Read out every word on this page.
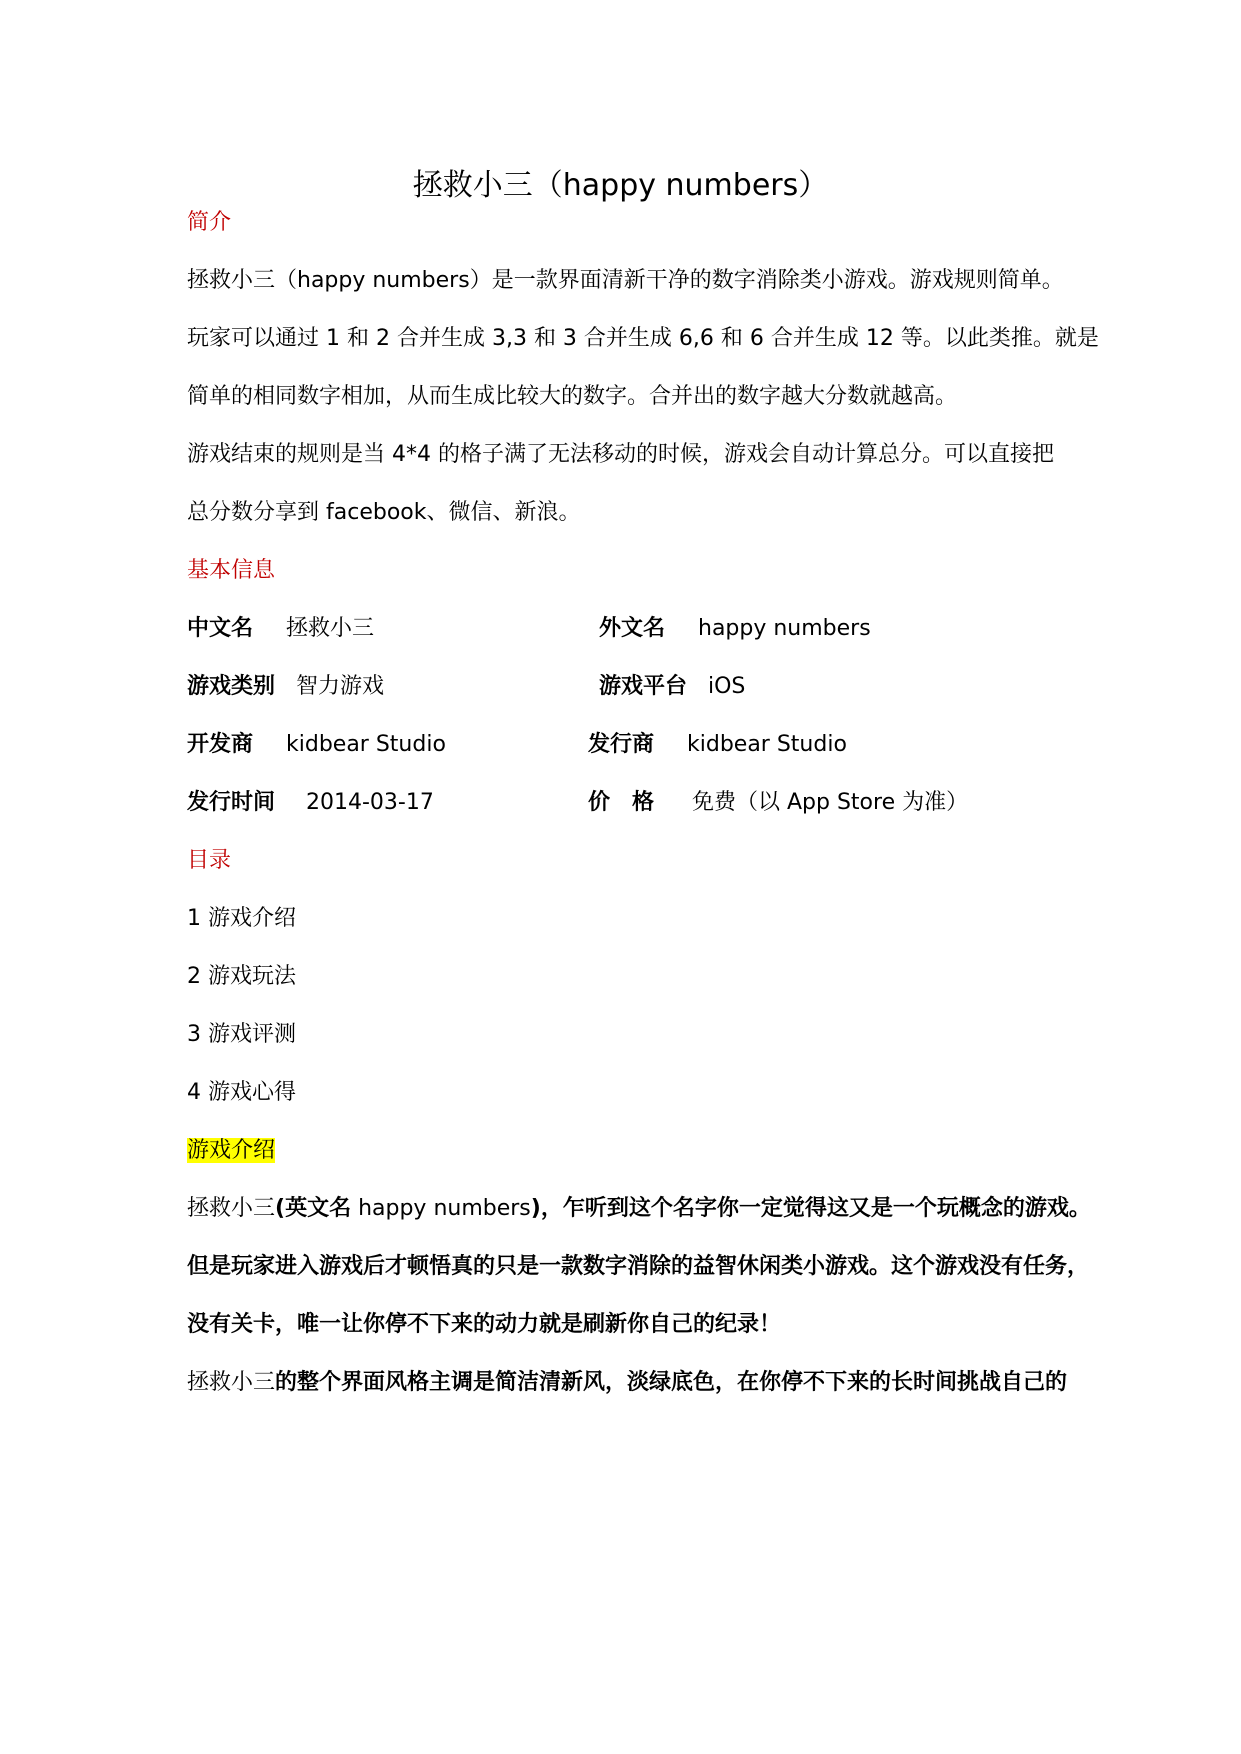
拯救小三（happy numbers）
简介
拯救小三（happy numbers）是一款界面清新干净的数字消除类小游戏。游戏规则简单。
玩家可以通过 1 和 2 合并生成 3,3 和 3 合并生成 6,6 和 6 合并生成 12 等。以此类推。就是
简单的相同数字相加，从而生成比较大的数字。合并出的数字越大分数就越高。
游戏结束的规则是当 4*4 的格子满了无法移动的时候，游戏会自动计算总分。可以直接把
总分数分享到 facebook、微信、新浪。
基本信息
中文名 拯救小三	外文名 happy numbers
游戏类别 智力游戏	游戏平台 iOS
开发商 kidbear Studio	发行商 kidbear Studio
发行时间 2014-03-17	价　格 免费（以 App Store 为准）
目录
1 游戏介绍
2 游戏玩法
3 游戏评测
4 游戏心得
游戏介绍
拯救小三(英文名 happy numbers)，乍听到这个名字你一定觉得这又是一个玩概念的游戏。
但是玩家进入游戏后才顿悟真的只是一款数字消除的益智休闲类小游戏。这个游戏没有任务，
没有关卡，唯一让你停不下来的动力就是刷新你自己的纪录！
拯救小三的整个界面风格主调是简洁清新风，淡绿底色，在你停不下来的长时间挑战自己的
